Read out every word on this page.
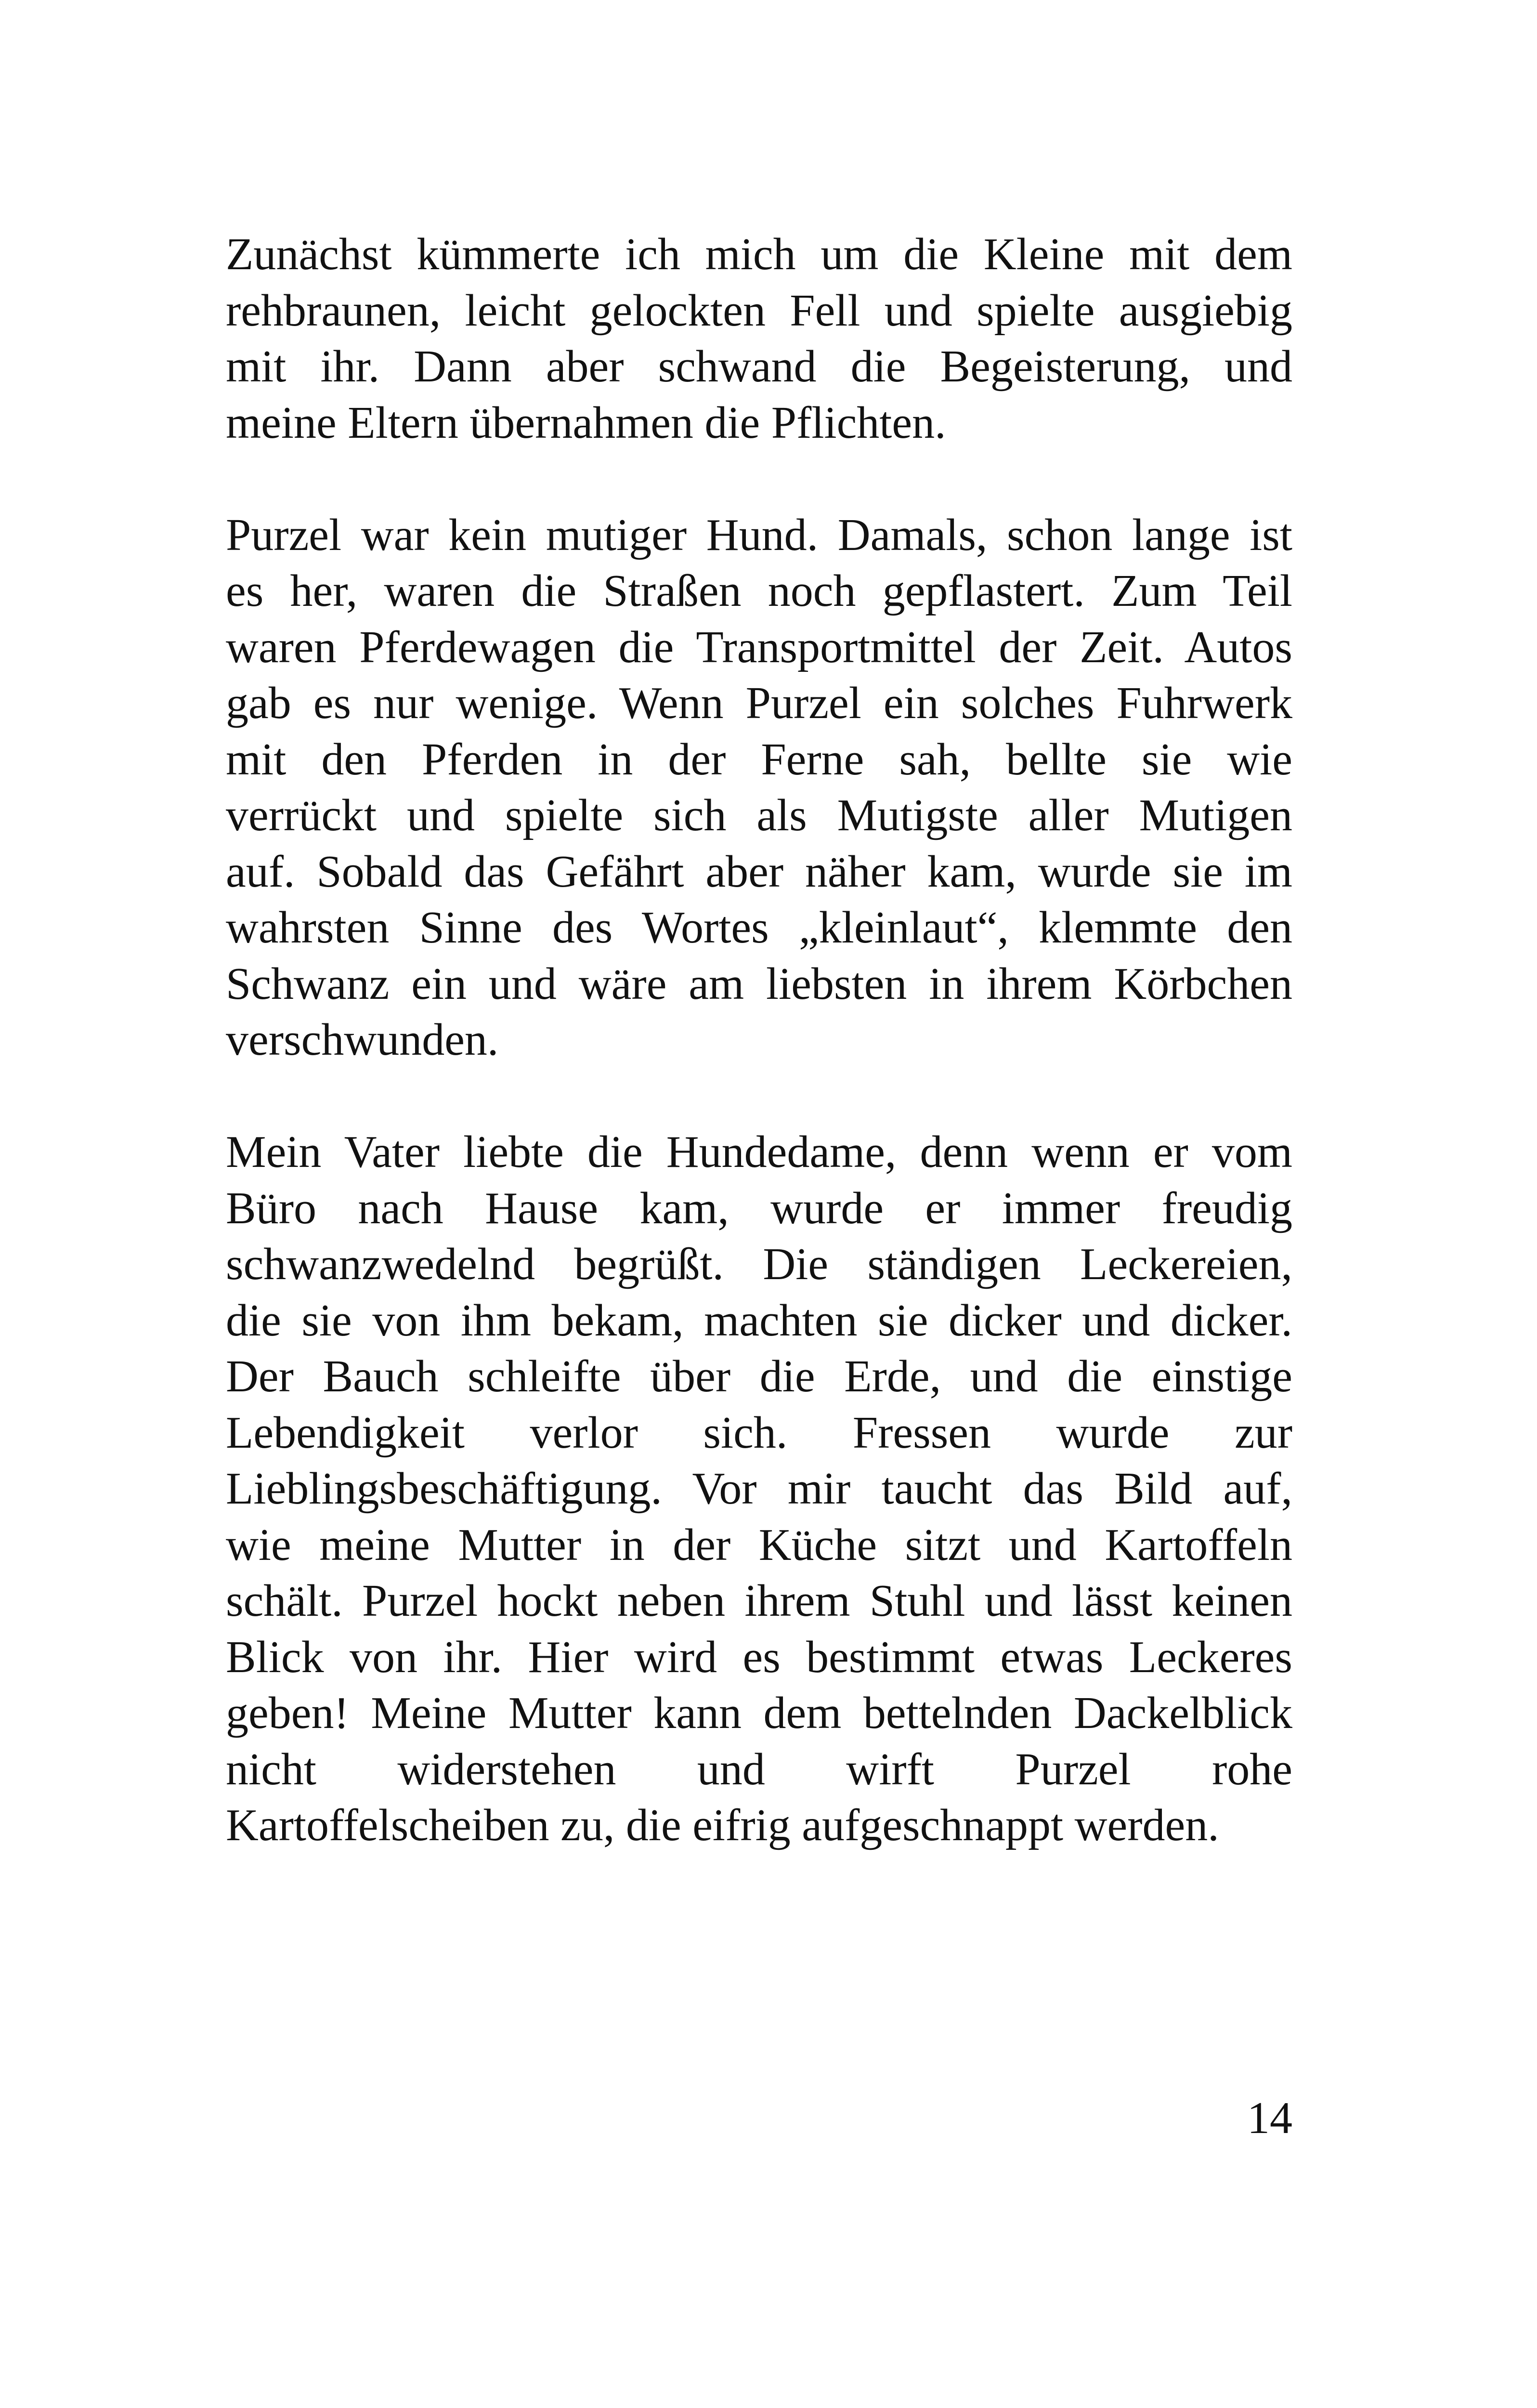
Zunächst kümmerte ich mich um die Kleine mit dem
rehbraunen, leicht gelockten Fell und spielte ausgiebig
mit ihr. Dann aber schwand die Begeisterung, und
meine Eltern übernahmen die Pflichten.

Purzel war kein mutiger Hund. Damals, schon lange ist
es her, waren die Straßen noch gepflastert. Zum Teil
waren Pferdewagen die Transportmittel der Zeit. Autos
gab es nur wenige. Wenn Purzel ein solches Fuhrwerk
mit den Pferden in der Ferne sah, bellte sie wie
verrückt und spielte sich als Mutigste aller Mutigen
auf. Sobald das Gefährt aber näher kam, wurde sie im
wahrsten Sinne des Wortes „kleinlaut“, klemmte den
Schwanz ein und wäre am liebsten in ihrem Körbchen
verschwunden.

Mein Vater liebte die Hundedame, denn wenn er vom
Büro nach Hause kam, wurde er immer freudig
schwanzwedelnd begrüßt. Die ständigen Leckereien,
die sie von ihm bekam, machten sie dicker und dicker.
Der Bauch schleifte über die Erde, und die einstige
Lebendigkeit verlor sich. Fressen wurde zur
Lieblingsbeschäftigung. Vor mir taucht das Bild auf,
wie meine Mutter in der Küche sitzt und Kartoffeln
schält. Purzel hockt neben ihrem Stuhl und lässt keinen
Blick von ihr. Hier wird es bestimmt etwas Leckeres
geben! Meine Mutter kann dem bettelnden Dackelblick
nicht widerstehen und wirft Purzel rohe
Kartoffelscheiben zu, die eifrig aufgeschnappt werden.

14
